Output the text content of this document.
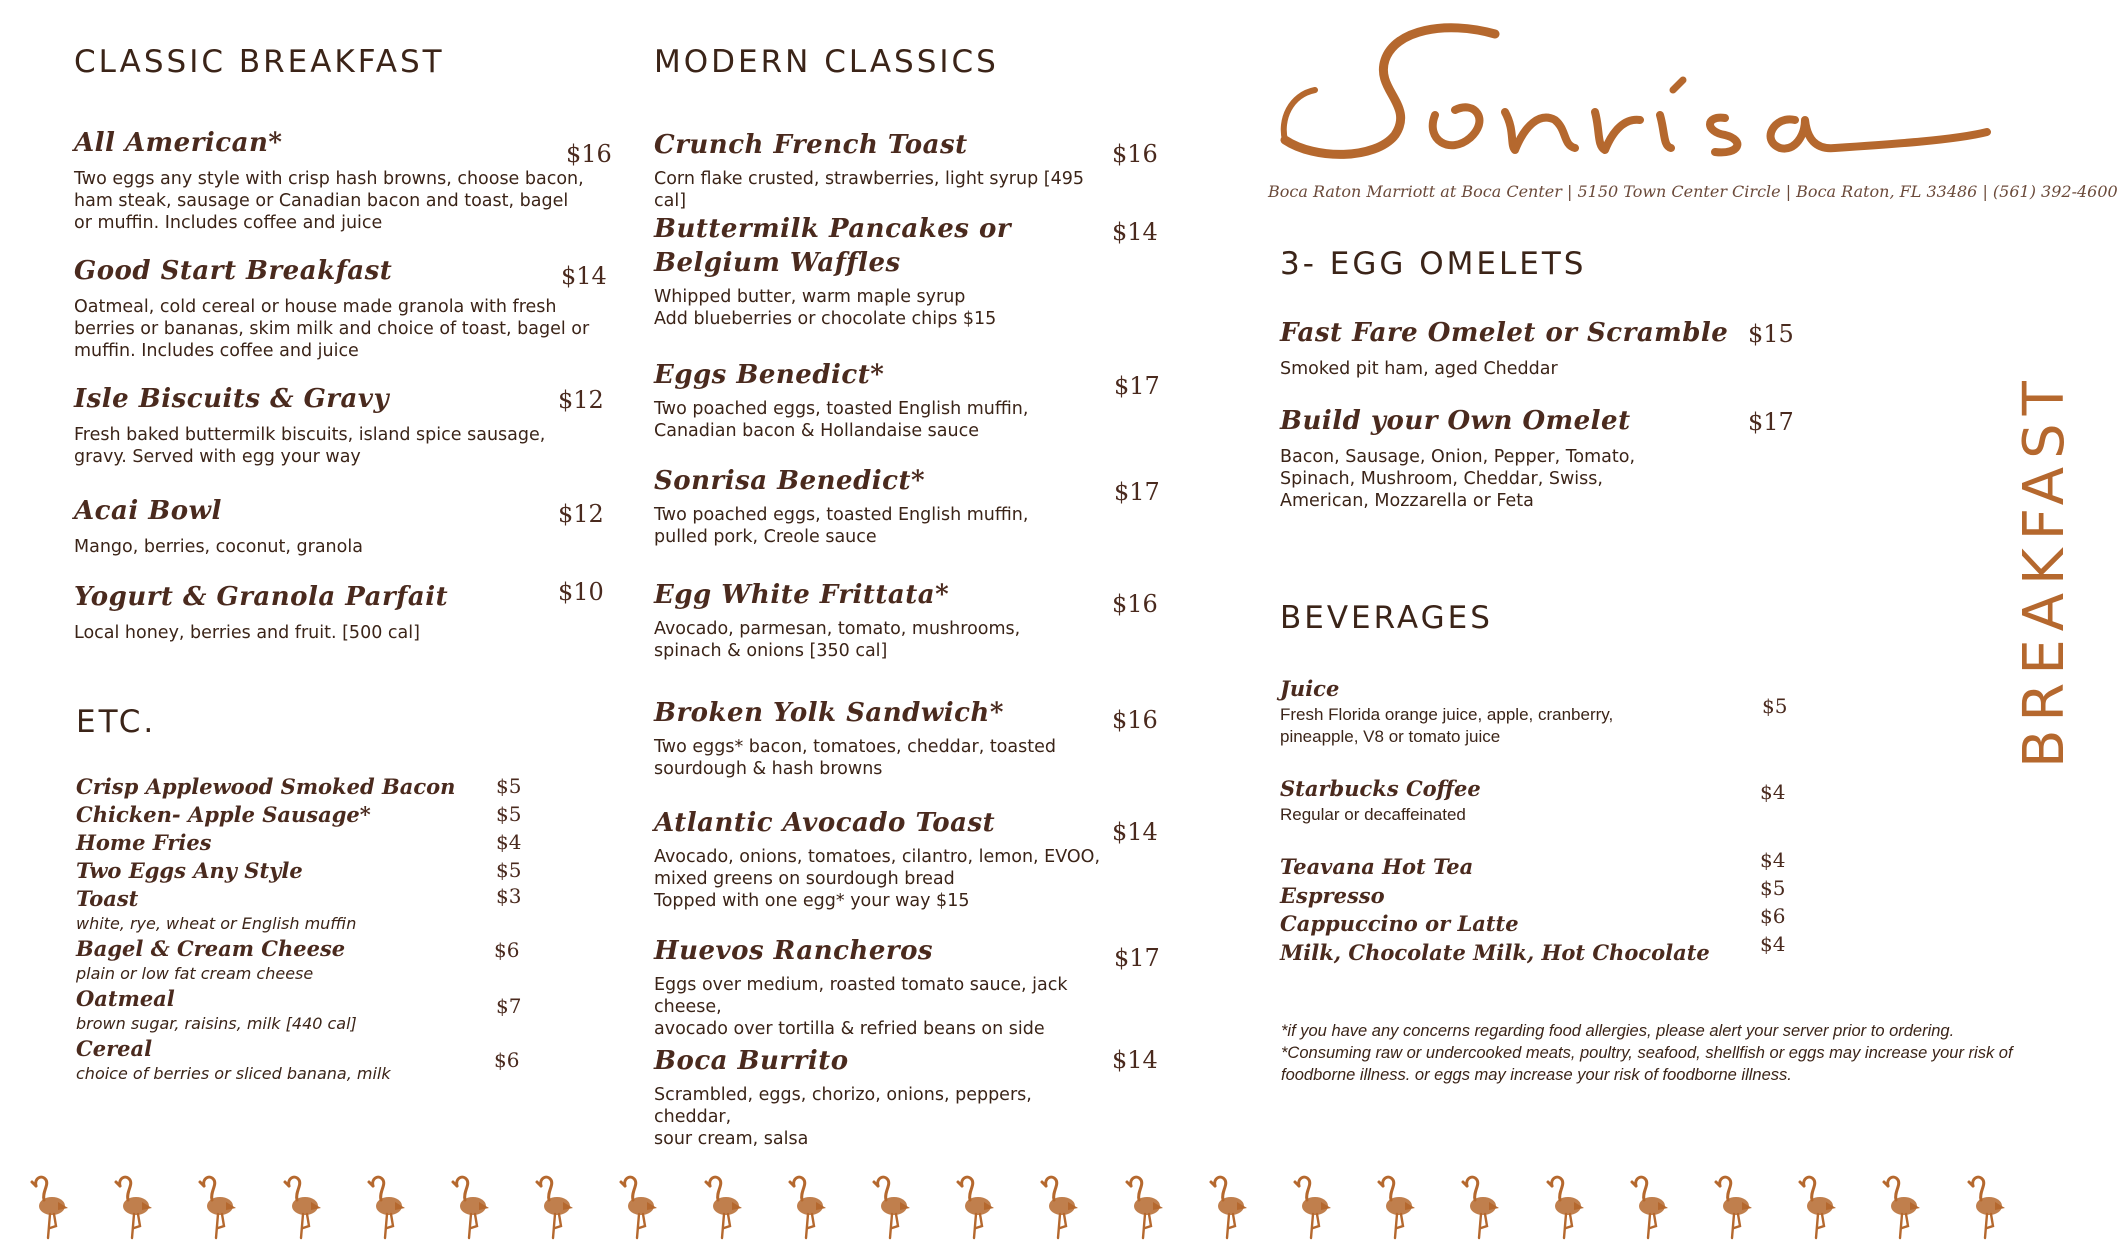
CLASSIC BREAKFAST
All American*
Two eggs any style with crisp hash browns, choose bacon,
ham steak, sausage or Canadian bacon and toast, bagel
or muffin. Includes coffee and juice
$16
Good Start Breakfast
Oatmeal, cold cereal or house made granola with fresh
berries or bananas, skim milk and choice of toast, bagel or
muffin. Includes coffee and juice
$14
Isle Biscuits & Gravy
Fresh baked buttermilk biscuits, island spice sausage,
gravy. Served with egg your way
$12
Acai Bowl
Mango, berries, coconut, granola
$12
Yogurt & Granola Parfait
Local honey, berries and fruit. [500 cal]
$10
ETC.
Crisp Applewood Smoked Bacon $5
Chicken- Apple Sausage*	$5
Home Fries	$4
Two Eggs Any Style	$5
Toast	$3
white, rye, wheat or English muffin
Bagel & Cream Cheese	$6
plain or low fat cream cheese
Oatmeal	$7
brown sugar, raisins, milk [440 cal]
Cereal	$6
choice of berries or sliced banana, milk
MODERN CLASSICS
Crunch French Toast
Corn flake crusted, strawberries, light syrup [495 cal]
$16
Buttermilk Pancakes or
Belgium Waffles
Whipped butter, warm maple syrup
Add blueberries or chocolate chips $15
$14
Eggs Benedict*
Two poached eggs, toasted English muffin,
Canadian bacon & Hollandaise sauce
$17
Sonrisa Benedict*
Two poached eggs, toasted English muffin,
pulled pork, Creole sauce
$17
Egg White Frittata*
Avocado, parmesan, tomato, mushrooms,
spinach & onions [350 cal]
$16
Broken Yolk Sandwich*
Two eggs* bacon, tomatoes, cheddar, toasted
sourdough & hash browns
$16
Atlantic Avocado Toast
Avocado, onions, tomatoes, cilantro, lemon, EVOO,
mixed greens on sourdough bread
Topped with one egg* your way $15
$14
Huevos Rancheros
Eggs over medium, roasted tomato sauce, jack cheese,
avocado over tortilla & refried beans on side
$17
Boca Burrito
Scrambled, eggs, chorizo, onions, peppers, cheddar,
sour cream, salsa
$14
Boca Raton Marriott at Boca Center | 5150 Town Center Circle | Boca Raton, FL 33486 | (561) 392-4600
3- EGG OMELETS
Fast Fare Omelet or Scramble
Smoked pit ham, aged Cheddar
$15
Build your Own Omelet
Bacon, Sausage, Onion, Pepper, Tomato,
Spinach, Mushroom, Cheddar, Swiss,
American, Mozzarella or Feta
$17
BEVERAGES
Juice
Fresh Florida orange juice, apple, cranberry,
pineapple, V8 or tomato juice
$5
Starbucks Coffee
Regular or decaffeinated
$4
Teavana Hot Tea	$4
Espresso	$5
Cappuccino or Latte	$6
Milk, Chocolate Milk, Hot Chocolate	$4
*if you have any concerns regarding food allergies, please alert your server prior to ordering. *Consuming raw or undercooked meats, poultry, seafood, shellfish or eggs may increase your risk of foodborne illness. or eggs may increase your risk of foodborne illness.
BREAKFAST
